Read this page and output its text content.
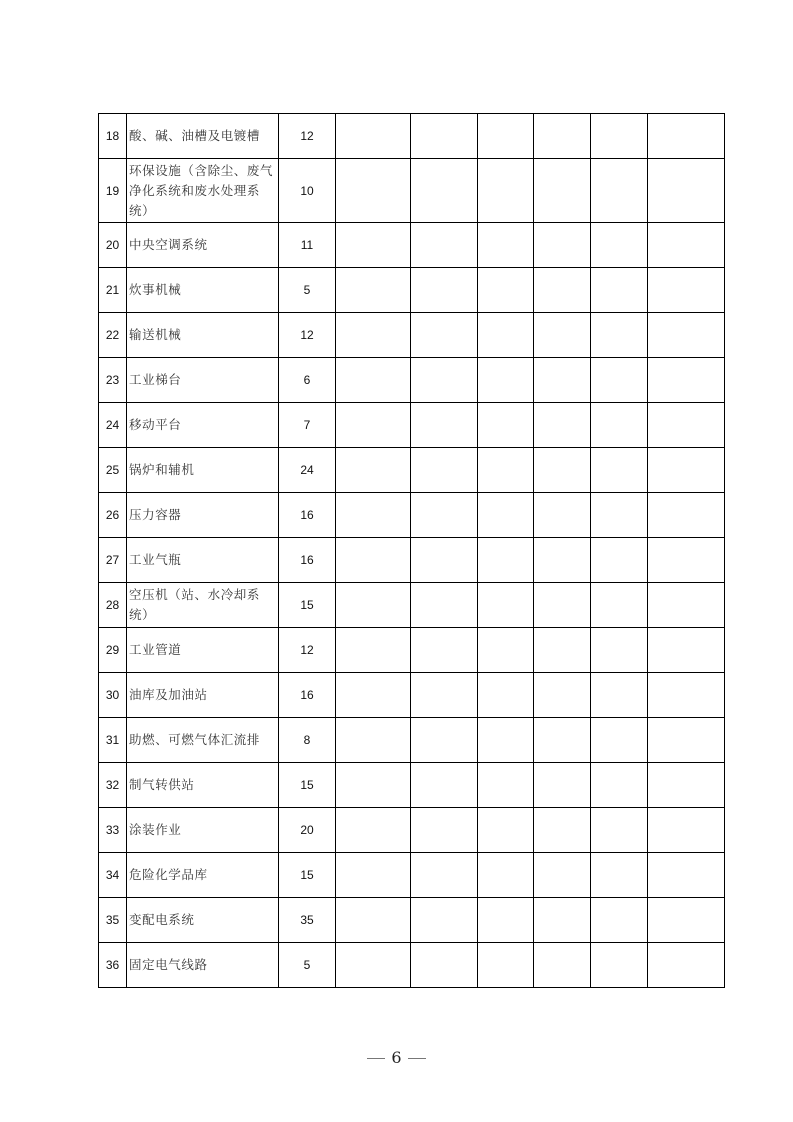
18	酸、碱、油槽及电镀槽	12							
19	环保设施（含除尘、废气净化系统和废水处理系统）	10							
20	中央空调系统	11							
21	炊事机械	5							
22	输送机械	12							
23	工业梯台	6							
24	移动平台	7							
25	锅炉和辅机	24							
26	压力容器	16							
27	工业气瓶	16							
28	空压机（站、水冷却系统）	15							
29	工业管道	12							
30	油库及加油站	16							
31	助燃、可燃气体汇流排	8							
32	制气转供站	15							
33	涂装作业	20							
34	危险化学品库	15							
35	变配电系统	35							
36	固定电气线路	5							
6
